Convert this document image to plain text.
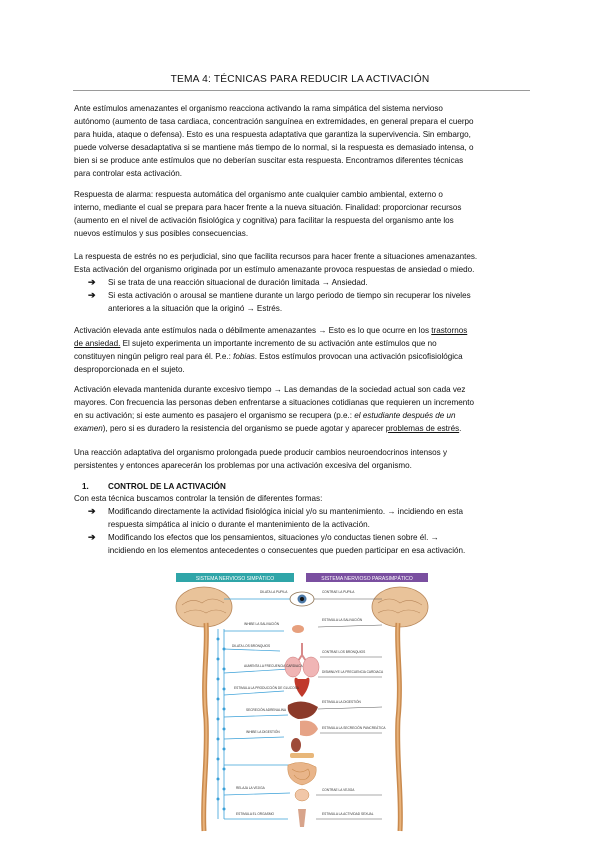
TEMA 4: TÉCNICAS PARA REDUCIR LA ACTIVACIÓN

Ante estímulos amenazantes el organismo reacciona activando la rama simpática del sistema nervioso

autónomo (aumento de tasa cardiaca, concentración sanguínea en extremidades, en general prepara el cuerpo

para huida, ataque o defensa). Esto es una respuesta adaptativa que garantiza la supervivencia. Sin embargo,

puede volverse desadaptativa si se mantiene más tiempo de lo normal, si la respuesta es demasiado intensa, o

bien si se produce ante estímulos que no deberían suscitar esta respuesta. Encontramos diferentes técnicas

para controlar esta activación.

Respuesta de alarma: respuesta automática del organismo ante cualquier cambio ambiental, externo o

interno, mediante el cual se prepara para hacer frente a la nueva situación. Finalidad: proporcionar recursos

(aumento en el nivel de activación fisiológica y cognitiva) para facilitar la respuesta del organismo ante los

nuevos estímulos y sus posibles consecuencias.

La respuesta de estrés no es perjudicial, sino que facilita recursos para hacer frente a situaciones amenazantes.

Esta activación del organismo originada por un estímulo amenazante provoca respuestas de ansiedad o miedo.

➔ Si se trata de una reacción situacional de duración limitada → Ansiedad.

➔ Si esta activación o arousal se mantiene durante un largo periodo de tiempo sin recuperar los niveles

anteriores a la situación que la originó → Estrés.

Activación elevada ante estímulos nada o débilmente amenazantes → Esto es lo que ocurre en los trastornos

de ansiedad. El sujeto experimenta un importante incremento de su activación ante estímulos que no

constituyen ningún peligro real para él. P.e.: fobias. Estos estímulos provocan una activación psicofisiológica

desproporcionada en el sujeto.

Activación elevada mantenida durante excesivo tiempo → Las demandas de la sociedad actual son cada vez

mayores. Con frecuencia las personas deben enfrentarse a situaciones cotidianas que requieren un incremento

en su activación; si este aumento es pasajero el organismo se recupera (p.e.: el estudiante después de un

examen), pero si es duradero la resistencia del organismo se puede agotar y aparecer problemas de estrés.

Una reacción adaptativa del organismo prolongada puede producir cambios neuroendocrinos intensos y

persistentes y entonces aparecerán los problemas por una activación excesiva del organismo.

1. CONTROL DE LA ACTIVACIÓN

Con esta técnica buscamos controlar la tensión de diferentes formas:

➔ Modificando directamente la actividad fisiológica inicial y/o su mantenimiento. → incidiendo en esta

respuesta simpática al inicio o durante el mantenimiento de la activación.

➔ Modificando los efectos que los pensamientos, situaciones y/o conductas tienen sobre él. →

incidiendo en los elementos antecedentes o consecuentes que pueden participar en esa activación.

SISTEMA NERVIOSO SIMPÁTICO	SISTEMA NERVIOSO PARASIMPÁTICO
DILATA LA PUPILA
INHIBE LA SALIVACIÓN
DILATA LOS BRONQUIOS
AUMENTA LA FRECUENCIA CARDIACA
ESTIMULA LA PRODUCCIÓN DE GLUCOSA
SECRECIÓN ADRENALINA
INHIBE LA DIGESTIÓN
RELAJA LA VEJIGA
ESTIMULA EL ORGASMO
CONTRAE LA PUPILA
ESTIMULA LA SALIVACIÓN
CONTRAE LOS BRONQUIOS
DISMINUYE LA FRECUENCIA CARDIACA
ESTIMULA LA DIGESTIÓN
ESTIMULA LA SECRECIÓN PANCREÁTICA
CONTRAE LA VEJIGA
ESTIMULA LA ACTIVIDAD SEXUAL
